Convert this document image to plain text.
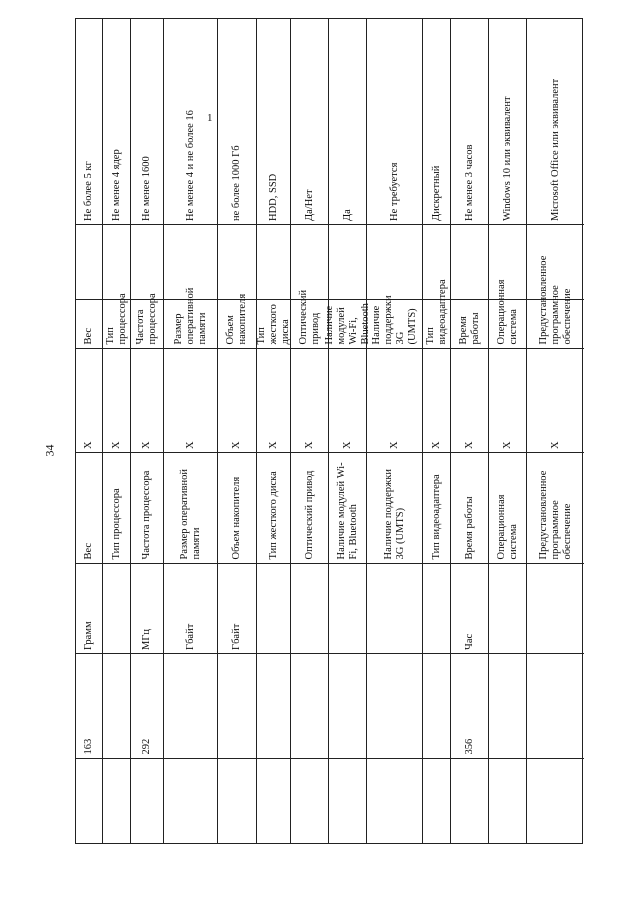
34
Не более 5 кг
Вес
X
Вес
Грамм
163
Не менее 4 ядер
Тип процессора
X
Тип процессора
Не менее 1600
Частота процессора
X
Частота процессора
МГц
292
Не менее 4 и не более 16
Размер оперативной памяти
X
Размер оперативной памяти
Гбайт
не более 1000 Гб
Объем накопителя
X
Объем накопителя
Гбайт
HDD, SSD
Тип жесткого диска
X
Тип жесткого диска
Да/Нет
Оптический привод
X
Оптический привод
Да
Наличие модулей Wi-Fi, Bluetooth
X
Наличие модулей Wi-Fi, Bluetooth
Не требуется
Наличие поддержки 3G (UMTS)
X
Наличие поддержки 3G (UMTS)
Дискретный
Тип видеоадаптера
X
Тип видеоадаптера
Не менее 3 часов
Время работы
X
Время работы
Час
356
Windows 10 или эквивалент
Операционная система
X
Операционная система
Microsoft Office или эквивалент
Предустановленное программное обеспечение
X
Предустановленное программное обеспечение
1
